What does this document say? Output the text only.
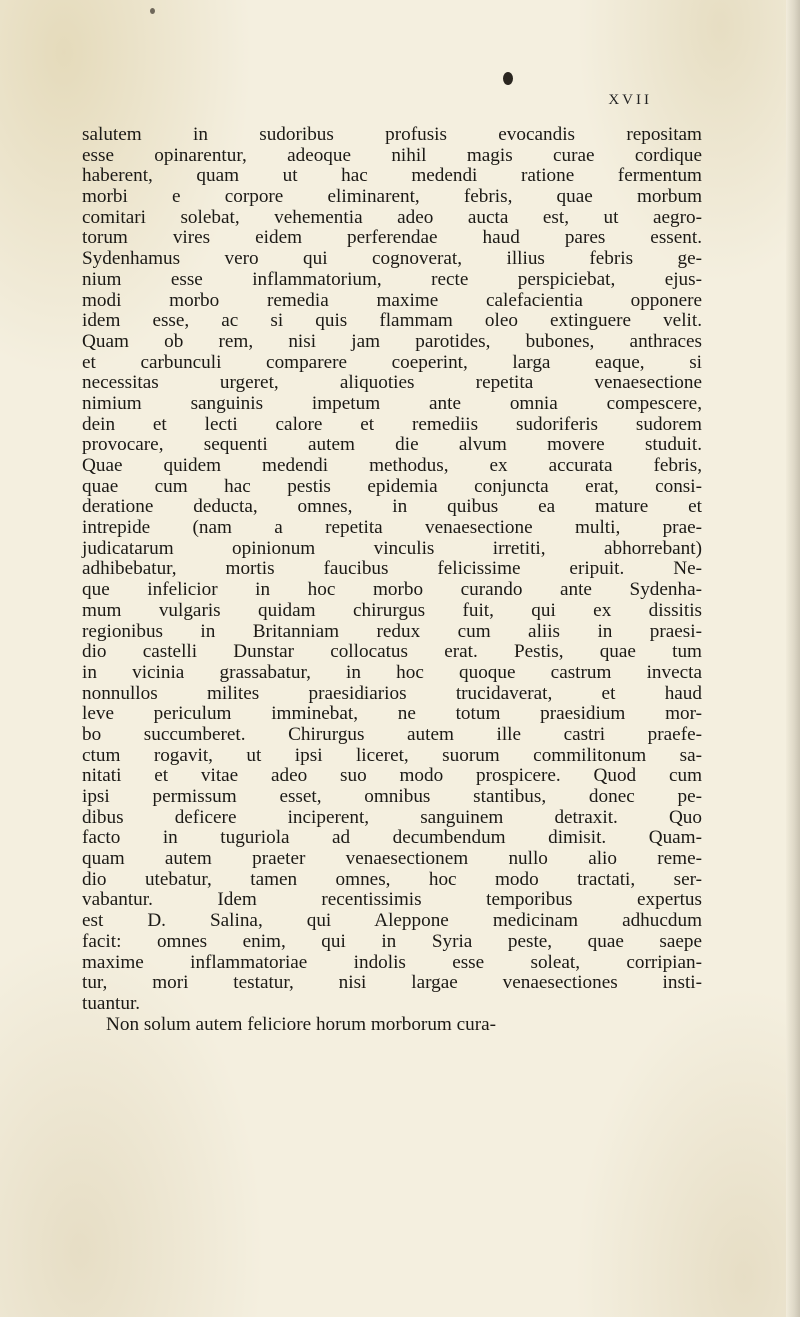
XVII
salutem in sudoribus profusis evocandis repositam
esse opinarentur, adeoque nihil magis curae cordique
haberent, quam ut hac medendi ratione fermentum
morbi e corpore eliminarent, febris, quae morbum
comitari solebat, vehementia adeo aucta est, ut aegro-
torum vires eidem perferendae haud pares essent.
Sydenhamus vero qui cognoverat, illius febris ge-
nium esse inflammatorium, recte perspiciebat, ejus-
modi morbo remedia maxime calefacientia opponere
idem esse, ac si quis flammam oleo extinguere velit.
Quam ob rem, nisi jam parotides, bubones, anthraces
et carbunculi comparere coeperint, larga eaque, si
necessitas urgeret, aliquoties repetita venaesectione
nimium sanguinis impetum ante omnia compescere,
dein et lecti calore et remediis sudoriferis sudorem
provocare, sequenti autem die alvum movere studuit.
Quae quidem medendi methodus, ex accurata febris,
quae cum hac pestis epidemia conjuncta erat, consi-
deratione deducta, omnes, in quibus ea mature et
intrepide (nam a repetita venaesectione multi, prae-
judicatarum opinionum vinculis irretiti, abhorrebant)
adhibebatur, mortis faucibus felicissime eripuit. Ne-
que infelicior in hoc morbo curando ante Sydenha-
mum vulgaris quidam chirurgus fuit, qui ex dissitis
regionibus in Britanniam redux cum aliis in praesi-
dio castelli Dunstar collocatus erat. Pestis, quae tum
in vicinia grassabatur, in hoc quoque castrum invecta
nonnullos milites praesidiarios trucidaverat, et haud
leve periculum imminebat, ne totum praesidium mor-
bo succumberet. Chirurgus autem ille castri praefe-
ctum rogavit, ut ipsi liceret, suorum commilitonum sa-
nitati et vitae adeo suo modo prospicere. Quod cum
ipsi permissum esset, omnibus stantibus, donec pe-
dibus deficere inciperent, sanguinem detraxit. Quo
facto in tuguriola ad decumbendum dimisit. Quam-
quam autem praeter venaesectionem nullo alio reme-
dio utebatur, tamen omnes, hoc modo tractati, ser-
vabantur. Idem recentissimis temporibus expertus
est D. Salina, qui Aleppone medicinam adhucdum
facit: omnes enim, qui in Syria peste, quae saepe
maxime inflammatoriae indolis esse soleat, corripian-
tur, mori testatur, nisi largae venaesectiones insti-
tuantur.
Non solum autem feliciore horum morborum cura-
